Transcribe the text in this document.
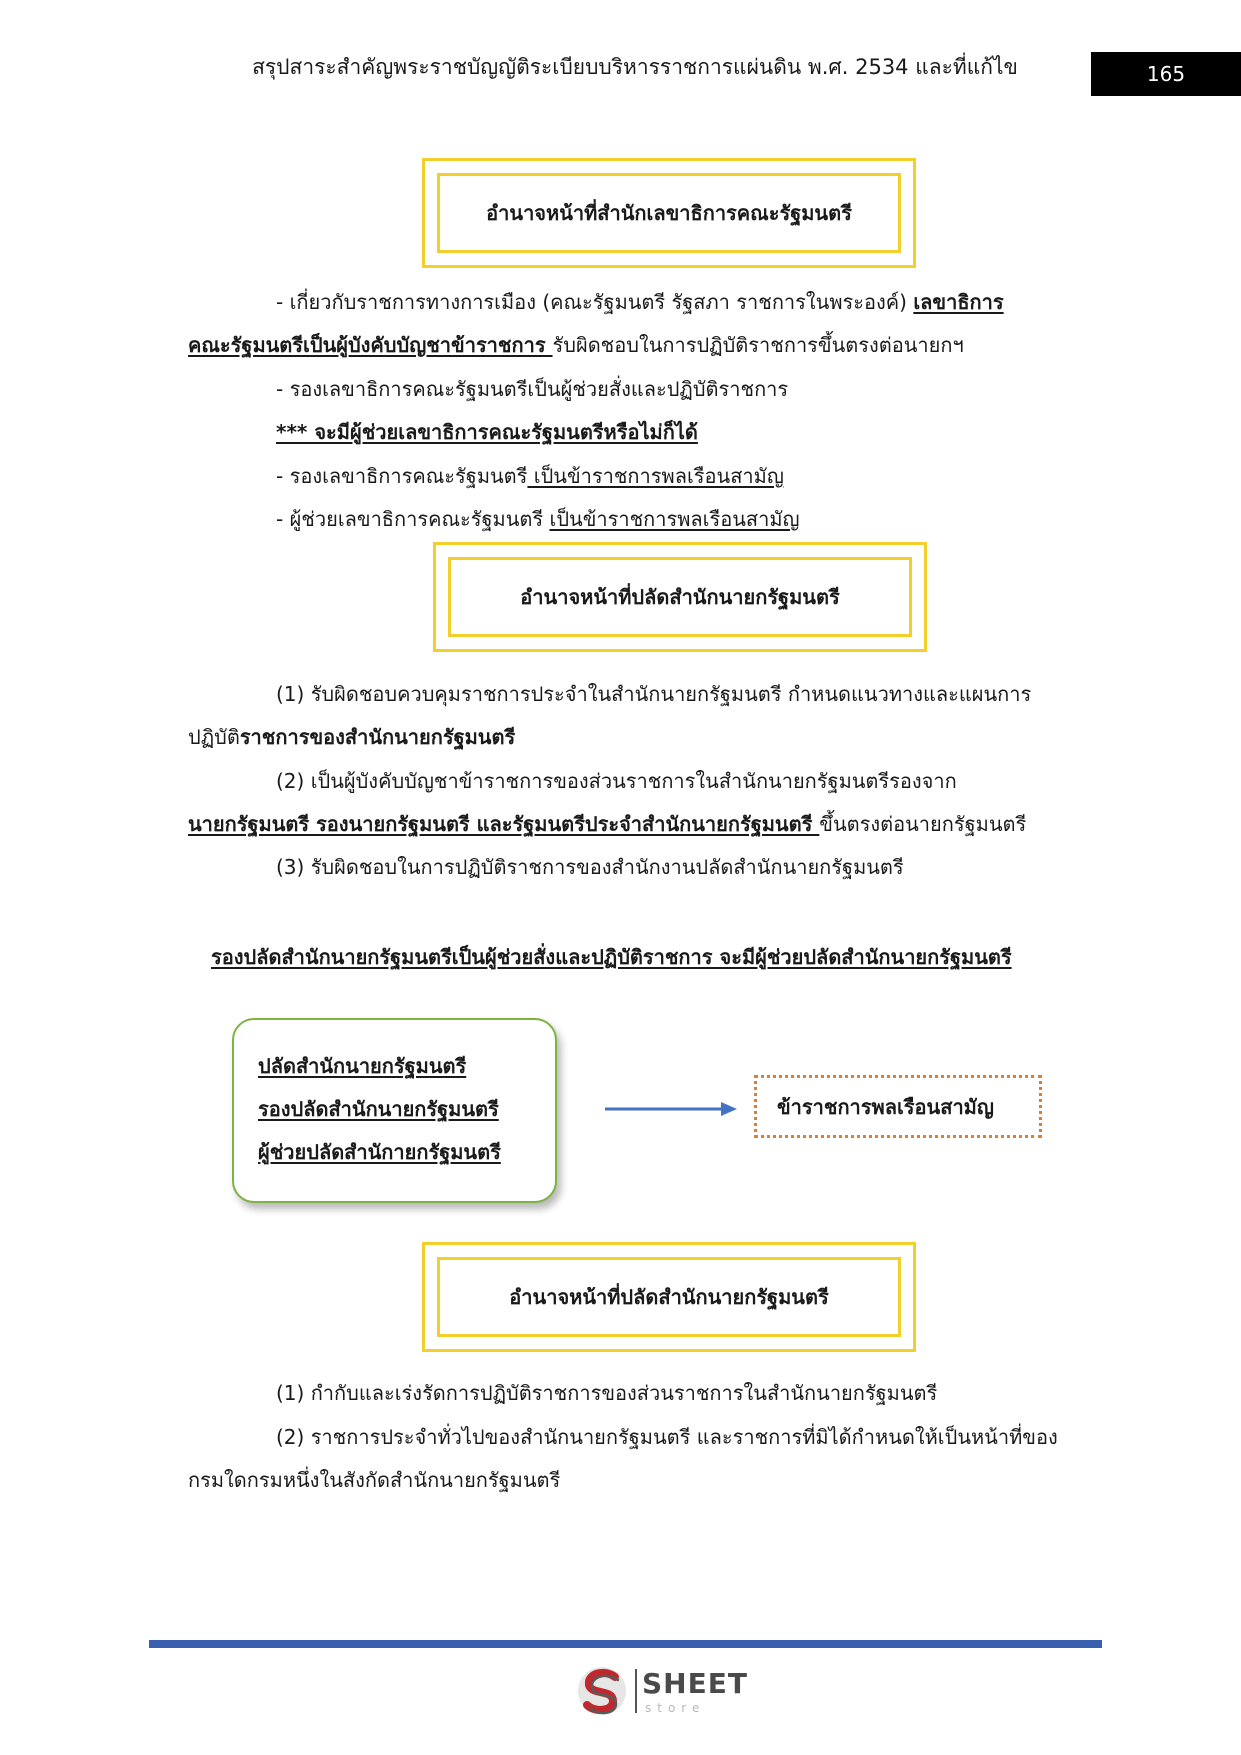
สรุปสาระสำคัญพระราชบัญญัติระเบียบบริหารราชการแผ่นดิน พ.ศ. 2534 และที่แก้ไข	165
อำนาจหน้าที่สำนักเลขาธิการคณะรัฐมนตรี
- เกี่ยวกับราชการทางการเมือง (คณะรัฐมนตรี รัฐสภา ราชการในพระองค์) เลขาธิการ
คณะรัฐมนตรีเป็นผู้บังคับบัญชาข้าราชการ รับผิดชอบในการปฏิบัติราชการขึ้นตรงต่อนายกฯ
- รองเลขาธิการคณะรัฐมนตรีเป็นผู้ช่วยสั่งและปฏิบัติราชการ
*** จะมีผู้ช่วยเลขาธิการคณะรัฐมนตรีหรือไม่ก็ได้
- รองเลขาธิการคณะรัฐมนตรี เป็นข้าราชการพลเรือนสามัญ
- ผู้ช่วยเลขาธิการคณะรัฐมนตรี เป็นข้าราชการพลเรือนสามัญ
อำนาจหน้าที่ปลัดสำนักนายกรัฐมนตรี
(1) รับผิดชอบควบคุมราชการประจำในสำนักนายกรัฐมนตรี กำหนดแนวทางและแผนการ
ปฏิบัติราชการของสำนักนายกรัฐมนตรี
(2) เป็นผู้บังคับบัญชาข้าราชการของส่วนราชการในสำนักนายกรัฐมนตรีรองจาก
นายกรัฐมนตรี รองนายกรัฐมนตรี และรัฐมนตรีประจำสำนักนายกรัฐมนตรี ขึ้นตรงต่อนายกรัฐมนตรี
(3) รับผิดชอบในการปฏิบัติราชการของสำนักงานปลัดสำนักนายกรัฐมนตรี
รองปลัดสำนักนายกรัฐมนตรีเป็นผู้ช่วยสั่งและปฏิบัติราชการ จะมีผู้ช่วยปลัดสำนักนายกรัฐมนตรี
ปลัดสำนักนายกรัฐมนตรี
รองปลัดสำนักนายกรัฐมนตรี
ผู้ช่วยปลัดสำนักายกรัฐมนตรี
ข้าราชการพลเรือนสามัญ
อำนาจหน้าที่ปลัดสำนักนายกรัฐมนตรี
(1) กำกับและเร่งรัดการปฏิบัติราชการของส่วนราชการในสำนักนายกรัฐมนตรี
(2) ราชการประจำทั่วไปของสำนักนายกรัฐมนตรี และราชการที่มิได้กำหนดให้เป็นหน้าที่ของ
กรมใดกรมหนึ่งในสังกัดสำนักนายกรัฐมนตรี
SHEET
store
